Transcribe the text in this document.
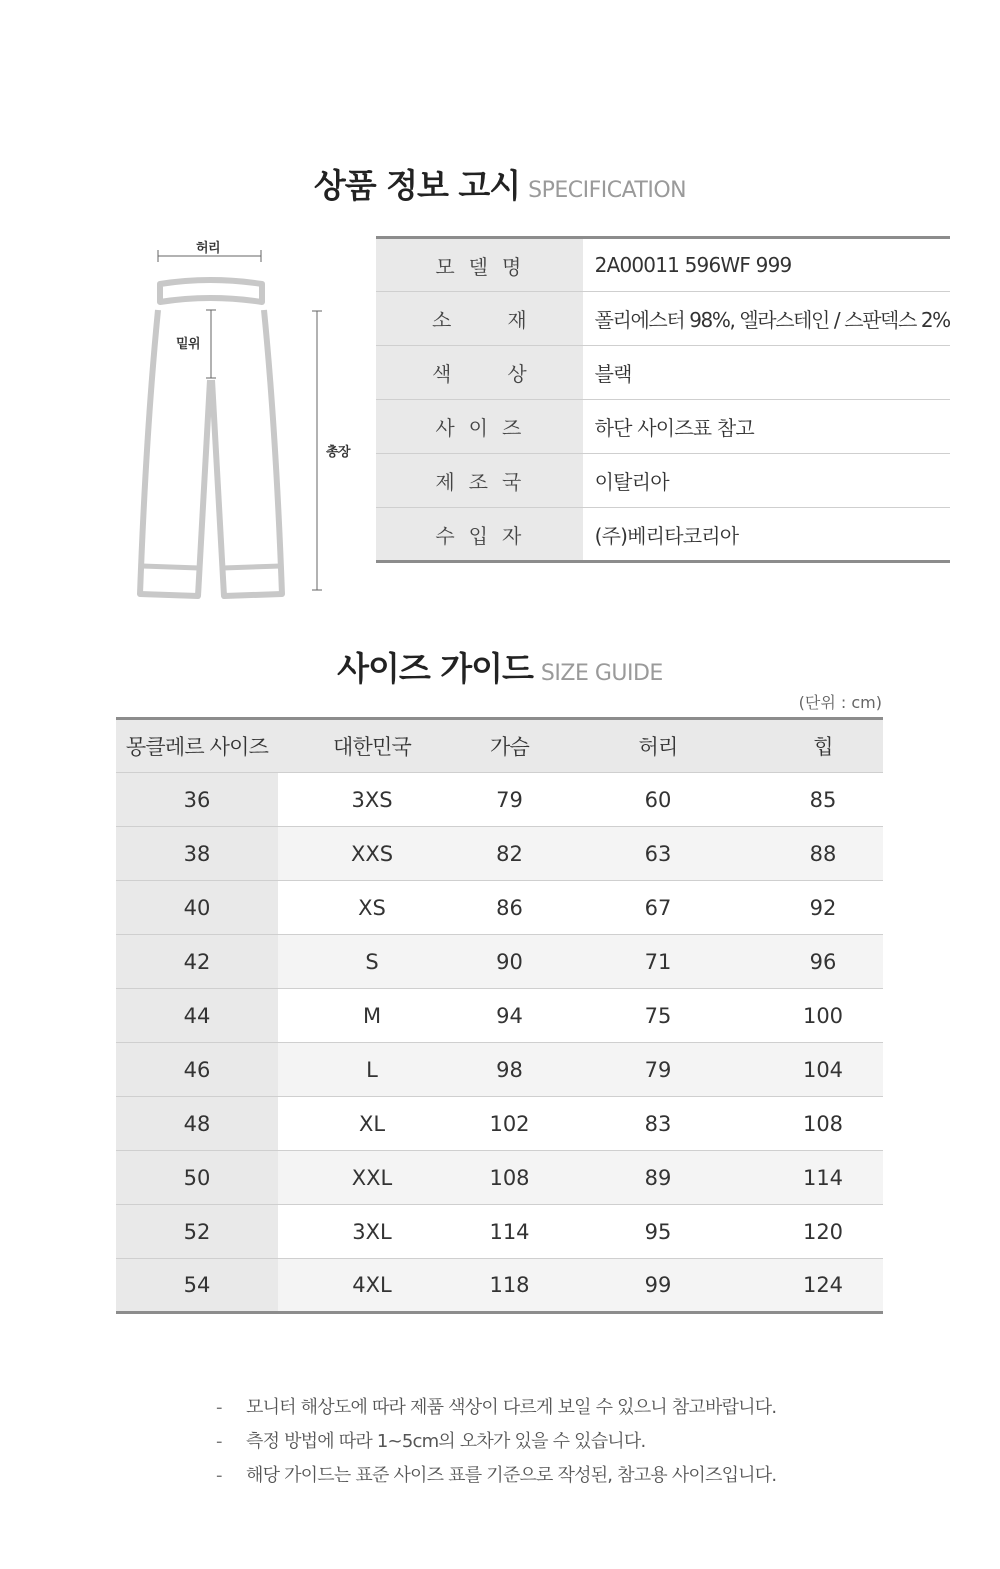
상품 정보 고시 SPECIFICATION
허리
밑위
총장
모델명	2A00011 596WF 999
소재	폴리에스터 98%, 엘라스테인 / 스판덱스 2%
색상	블랙
사이즈	하단 사이즈표 참고
제조국	이탈리아
수입자	(주)베리타코리아
사이즈 가이드 SIZE GUIDE
(단위 : cm)
몽클레르 사이즈	대한민국	가슴	허리	힙
36	3XS	79	60	85
38	XXS	82	63	88
40	XS	86	67	92
42	S	90	71	96
44	M	94	75	100
46	L	98	79	104
48	XL	102	83	108
50	XXL	108	89	114
52	3XL	114	95	120
54	4XL	118	99	124
- 모니터 해상도에 따라 제품 색상이 다르게 보일 수 있으니 참고바랍니다.
- 측정 방법에 따라 1~5cm의 오차가 있을 수 있습니다.
- 해당 가이드는 표준 사이즈 표를 기준으로 작성된, 참고용 사이즈입니다.
